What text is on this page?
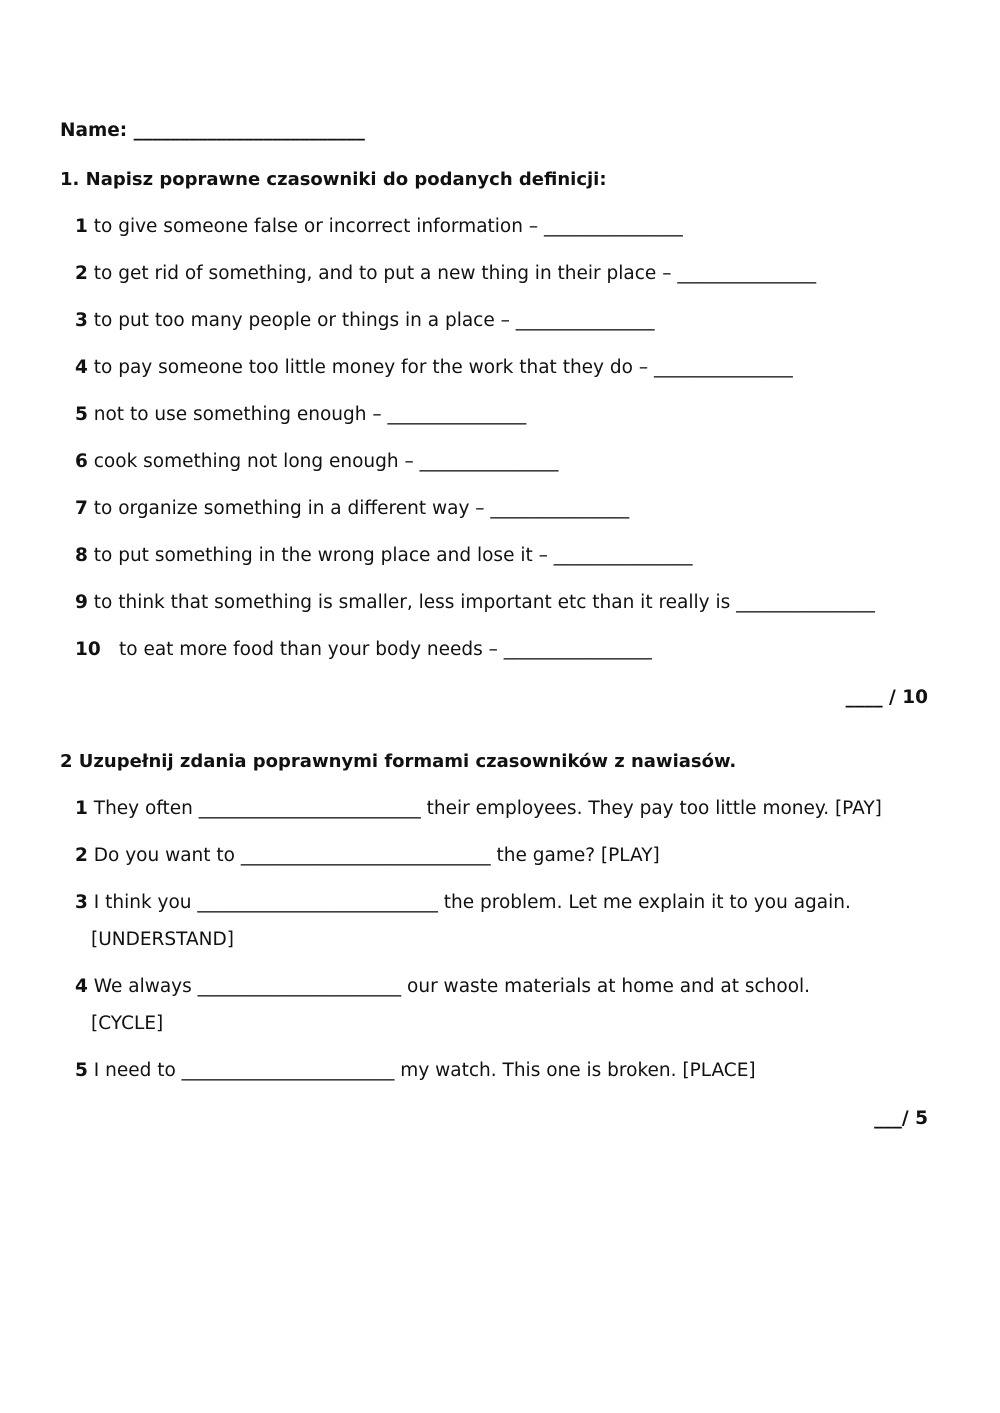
Name: _________________________
1. Napisz poprawne czasowniki do podanych definicji:
1 to give someone false or incorrect information – _______________
2 to get rid of something, and to put a new thing in their place – _______________
3 to put too many people or things in a place – _______________
4 to pay someone too little money for the work that they do – _______________
5 not to use something enough – _______________
6 cook something not long enough – _______________
7 to organize something in a different way – _______________
8 to put something in the wrong place and lose it – _______________
9 to think that something is smaller, less important etc than it really is _______________
10 to eat more food than your body needs – ________________
____ / 10
2 Uzupełnij zdania poprawnymi formami czasowników z nawiasów.
1 They often ________________________ their employees. They pay too little money. [PAY]
2 Do you want to ___________________________ the game? [PLAY]
3 I think you __________________________ the problem. Let me explain it to you again.
[UNDERSTAND]
4 We always ______________________ our waste materials at home and at school.
[CYCLE]
5 I need to _______________________ my watch. This one is broken. [PLACE]
___/ 5
